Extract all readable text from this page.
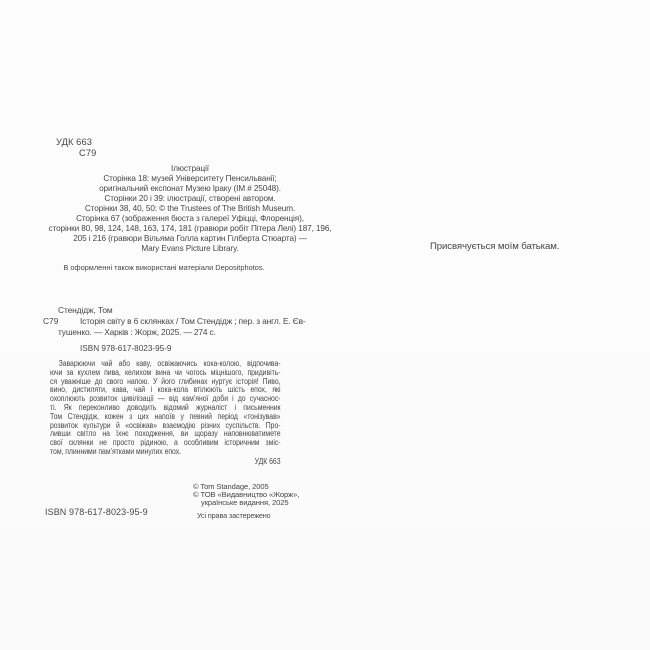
УДК 663
С79
Ілюстрації
Сторінка 18: музей Університету Пенсильванії;
оригінальний експонат Музею Іраку (ІМ # 25048).
Сторінки 20 і 39: ілюстрації, створені автором.
Сторінки 38, 40, 50: © the Trustees of The British Museum.
Сторінка 67 (зображення бюста з галереї Уфіцці, Флоренція),
сторінки 80, 98, 124, 148, 163, 174, 181 (гравюри робіт Пітера Лелі) 187, 196,
205 і 216 (гравюри Вільяма Голла картин Гілберта Стюарта) —
Mary Evans Picture Library.
В оформленні також використані матеріали Depositphotos.
Стендідж, Том
С79	Історія світу в 6 склянках / Том Стендідж ; пер. з англ. Е. Єв-
тушенко. — Харків : Жорж, 2025. — 274 с.
ISBN 978-617-8023-95-9
Заварюючи чай або каву, освіжаючись кока-колою, відпочива-
ючи за кухлем пива, келихом вина чи чогось міцнішого, придивіть-
ся уважніше до свого напою. У його глибинах нуртує історія! Пиво,
вино, дистиляти, кава, чай і кока-кола втілюють шість епох, які
охоплюють розвиток цивілізації — від кам’яної доби і до сучаснос-
ті. Як переконливо доводить відомий журналіст і письменник
Том Стендідж, кожен з цих напоїв у певний період «тонізував»
розвиток культури й «освіжав» взаємодію різних суспільств. Про-
ливши світло на їхнє походження, ви щоразу наповнюватимете
свої склянки не просто рідиною, а особливим історичним зміс-
том, плинними пам’ятками минулих епох.
УДК 663
© Tom Standage, 2005
© ТОВ «Видавництво «Жорж»,
українське видання, 2025
Усі права застережено
ISBN 978-617-8023-95-9
Присвячується моїм батькам.
